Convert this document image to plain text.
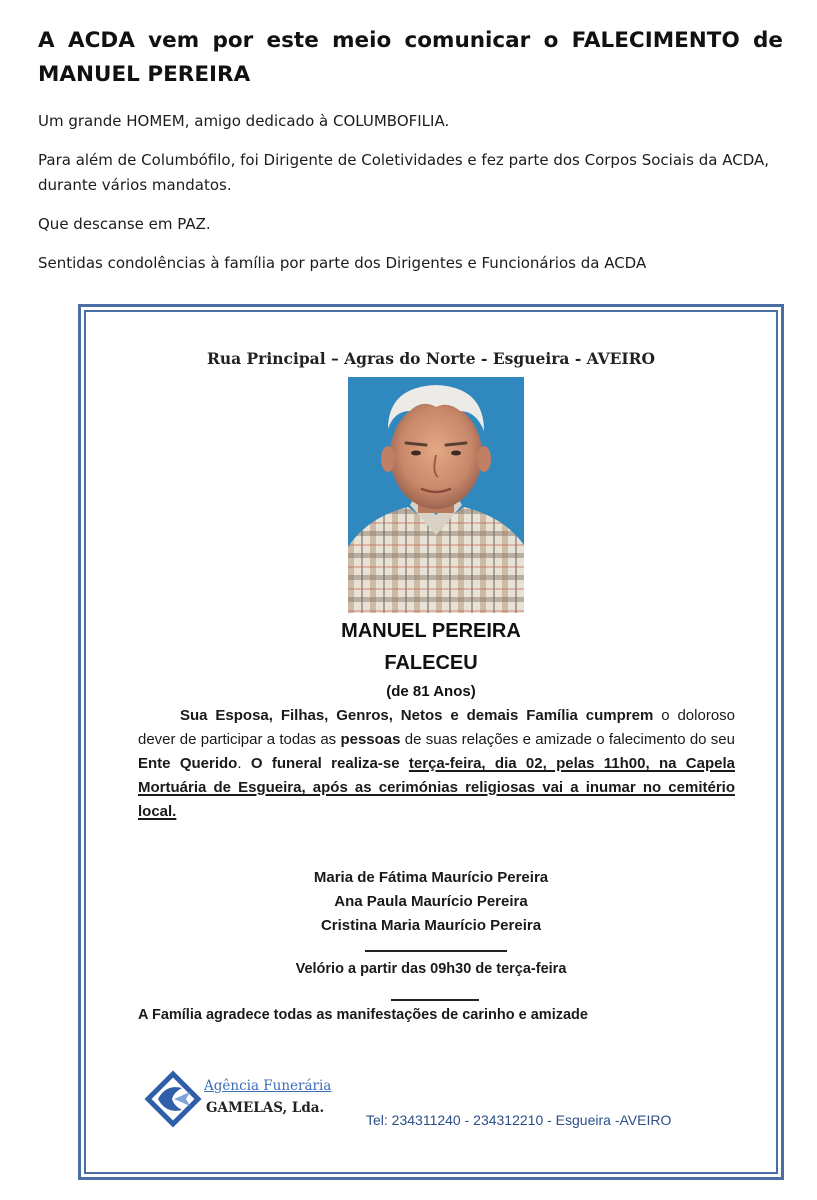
A ACDA vem por este meio comunicar o FALECIMENTO de
MANUEL PEREIRA

Um grande HOMEM, amigo dedicado à COLUMBOFILIA.

Para além de Columbófilo, foi Dirigente de Coletividades e fez parte dos Corpos Sociais da ACDA, durante vários mandatos.

Que descanse em PAZ.

Sentidas condolências à família por parte dos Dirigentes e Funcionários da ACDA

Rua Principal – Agras do Norte - Esgueira - AVEIRO
MANUEL PEREIRA
FALECEU
(de 81 Anos)
Sua Esposa, Filhas, Genros, Netos e demais Família cumprem o doloroso dever de participar a todas as pessoas de suas relações e amizade o falecimento do seu Ente Querido. O funeral realiza-se terça-feira, dia 02, pelas 11h00, na Capela Mortuária de Esgueira, após as cerimónias religiosas vai a inumar no cemitério local.
Maria de Fátima Maurício Pereira
Ana Paula Maurício Pereira
Cristina Maria Maurício Pereira
Velório a partir das 09h30 de terça-feira
A Família agradece todas as manifestações de carinho e amizade
Agência Funerária
GAMELAS, Lda.
Tel: 234311240 - 234312210 - Esgueira -AVEIRO
